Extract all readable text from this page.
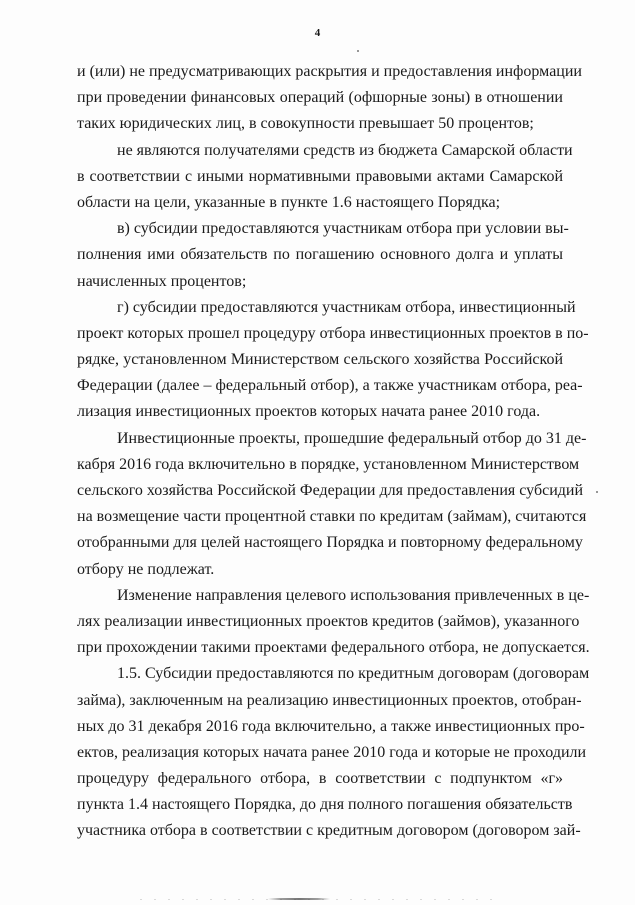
4
и (или) не предусматривающих раскрытия и предоставления информации
при проведении финансовых операций (офшорные зоны) в отношении
таких юридических лиц, в совокупности превышает 50 процентов;
не являются получателями средств из бюджета Самарской области
в соответствии с иными нормативными правовыми актами Самарской
области на цели, указанные в пункте 1.6 настоящего Порядка;
в) субсидии предоставляются участникам отбора при условии вы-
полнения ими обязательств по погашению основного долга и уплаты
начисленных процентов;
г) субсидии предоставляются участникам отбора, инвестиционный
проект которых прошел процедуру отбора инвестиционных проектов в по-
рядке, установленном Министерством сельского хозяйства Российской
Федерации (далее – федеральный отбор), а также участникам отбора, реа-
лизация инвестиционных проектов которых начата ранее 2010 года.
Инвестиционные проекты, прошедшие федеральный отбор до 31 де-
кабря 2016 года включительно в порядке, установленном Министерством
сельского хозяйства Российской Федерации для предоставления субсидий
на возмещение части процентной ставки по кредитам (займам), считаются
отобранными для целей настоящего Порядка и повторному федеральному
отбору не подлежат.
Изменение направления целевого использования привлеченных в це-
лях реализации инвестиционных проектов кредитов (займов), указанного
при прохождении такими проектами федерального отбора, не допускается.
1.5. Субсидии предоставляются по кредитным договорам (договорам
займа), заключенным на реализацию инвестиционных проектов, отобран-
ных до 31 декабря 2016 года включительно, а также инвестиционных про-
ектов, реализация которых начата ранее 2010 года и которые не проходили
процедуру федерального отбора, в соответствии с подпунктом «г»
пункта 1.4 настоящего Порядка, до дня полного погашения обязательств
участника отбора в соответствии с кредитным договором (договором зай-
